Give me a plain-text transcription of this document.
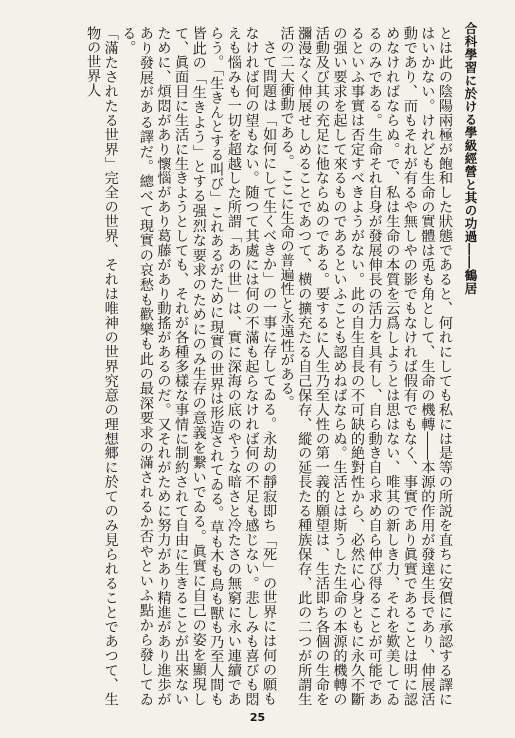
合科學習に於ける學級經營と其の功過――鶴居

とは此の陰陽兩極が飽和した狀態であると、何れにしても私には是等の所説を直ちに安價に承認する譯にはいかない。けれども生命の實體は兎も角として、生命の機轉――本源的作用が發達生長であり、伸展活動であり、而もそれが有るや無しやの影でもなければ假有でもなく、事實であり眞實であることは明に認めなければならぬ。で、私は生命の本質を云爲しようとは思はない、唯其の新しき力、それを歎美してゐるのみである。生命それ自身が發展伸長の活力を具有し、自ら動き自ら求め自ら伸び得ることが可能であるといふ事實は否定すべきようがない。此の自生自長の不可缺的絶對性から、必然に心身ともに永久不斷の强い要求を起して來るものであるといふことも認めねばならぬ。生活とは斯うした生命の本源的機轉の活動及び其の充足に他ならぬのである。要するに人生乃至人性の第一義的願望は、生活即ち各個の生命を瀰漫なく伸展せしめることであつて、横の擴充たる自己保存、縱の延長たる種族保存、此の二つが所謂生活の二大衝動である。ここに生命の普遍性と永遠性がある。

さて問題は「如何にして生くべきか」の一事に存してゐる。永劫の靜寂即ち「死」の世界には何の願もなければ何の望もない。随つて其處には何の不滿も起らなければ何の不足も感じない。悲しみも喜びも悶えも惱みも一切を超越した所謂「あの世」は、實に深海の底のやうな暗さと冷たさの無窮に永い連續であらう。「生きんとする叫び」これあるがために現實の世界は形造されてゐる。草も木も鳥も獸も乃至人間も皆此の「生きよう」とする强烈な要求のためにのみ生存の意義を繋いでゐる。眞實に自己の姿を顯現して、眞面目に生活に生きようとしても、それが各種多樣な事情に制約されて自由に生きることが出來ないために、煩悶があり懷惱があり葛藤があり動搖があるのだ。又それがために努力があり精進があり進歩があり發展がある譯だ。總べて現實の哀愁も歡樂も此の最深要求の滿されるか否やといふ點から發してゐる。

「滿たされたる世界」完全の世界、それは唯神の世界究意の理想郷に於てのみ見られることであつて、生物の世界人

25
